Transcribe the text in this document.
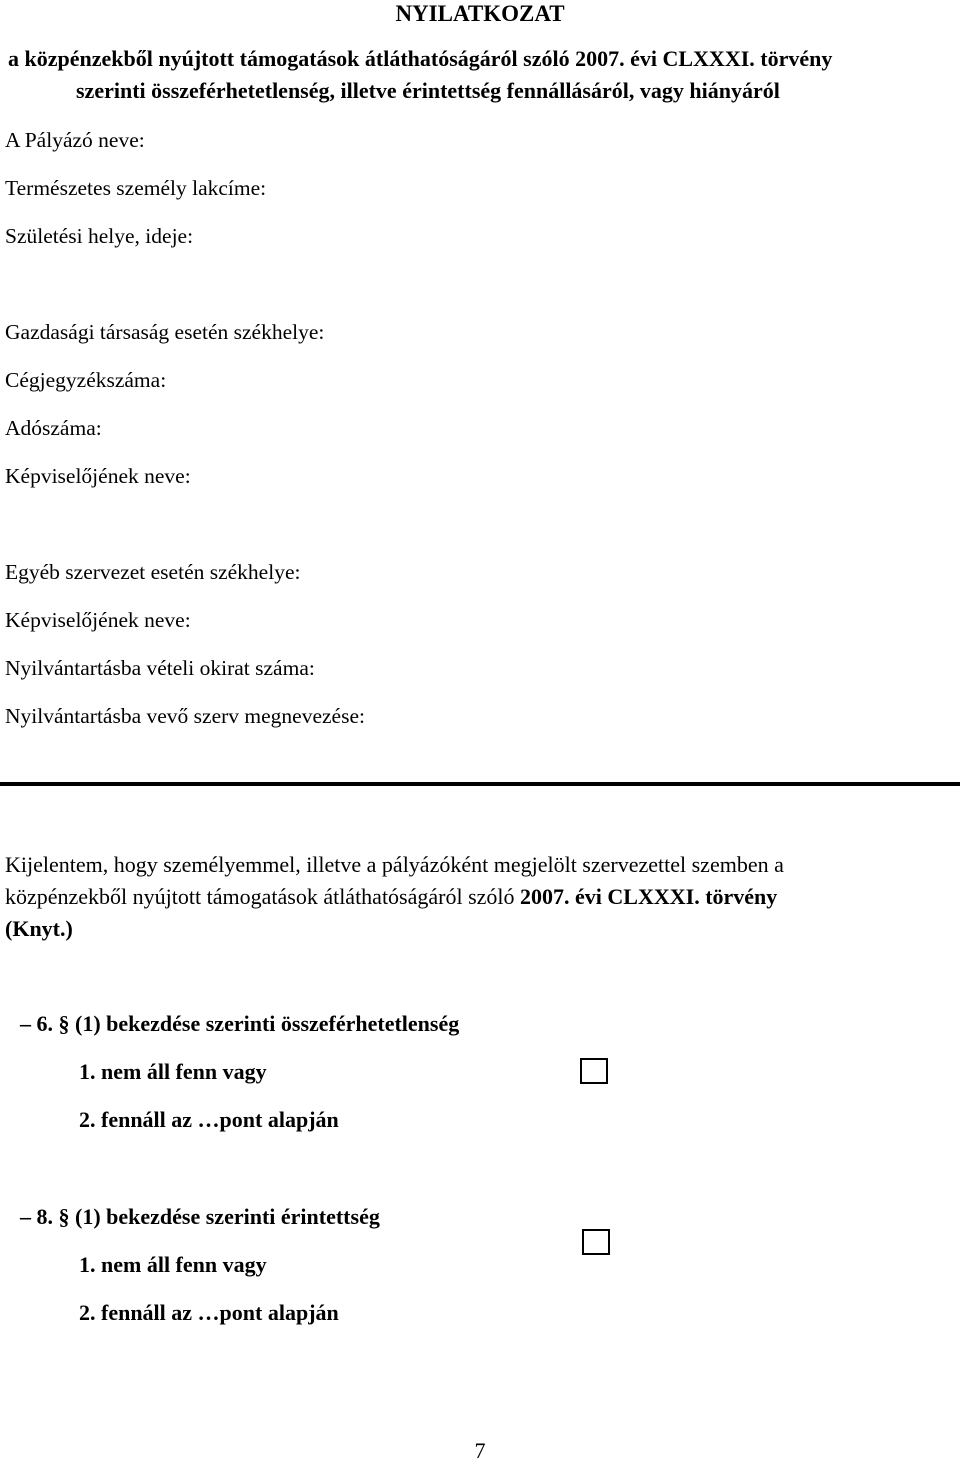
NYILATKOZAT
a közpénzekből nyújtott támogatások átláthatóságáról szóló 2007. évi CLXXXI. törvény
szerinti összeférhetetlenség, illetve érintettség fennállásáról, vagy hiányáról
A Pályázó neve:
Természetes személy lakcíme:
Születési helye, ideje:
Gazdasági társaság esetén székhelye:
Cégjegyzékszáma:
Adószáma:
Képviselőjének neve:
Egyéb szervezet esetén székhelye:
Képviselőjének neve:
Nyilvántartásba vételi okirat száma:
Nyilvántartásba vevő szerv megnevezése:
Kijelentem, hogy személyemmel, illetve a pályázóként megjelölt szervezettel szemben a
közpénzekből nyújtott támogatások átláthatóságáról szóló 2007. évi CLXXXI. törvény
(Knyt.)
– 6. § (1) bekezdése szerinti összeférhetetlenség
1. nem áll fenn vagy
2. fennáll az …pont alapján
– 8. § (1) bekezdése szerinti érintettség
1. nem áll fenn vagy
2. fennáll az …pont alapján
7
